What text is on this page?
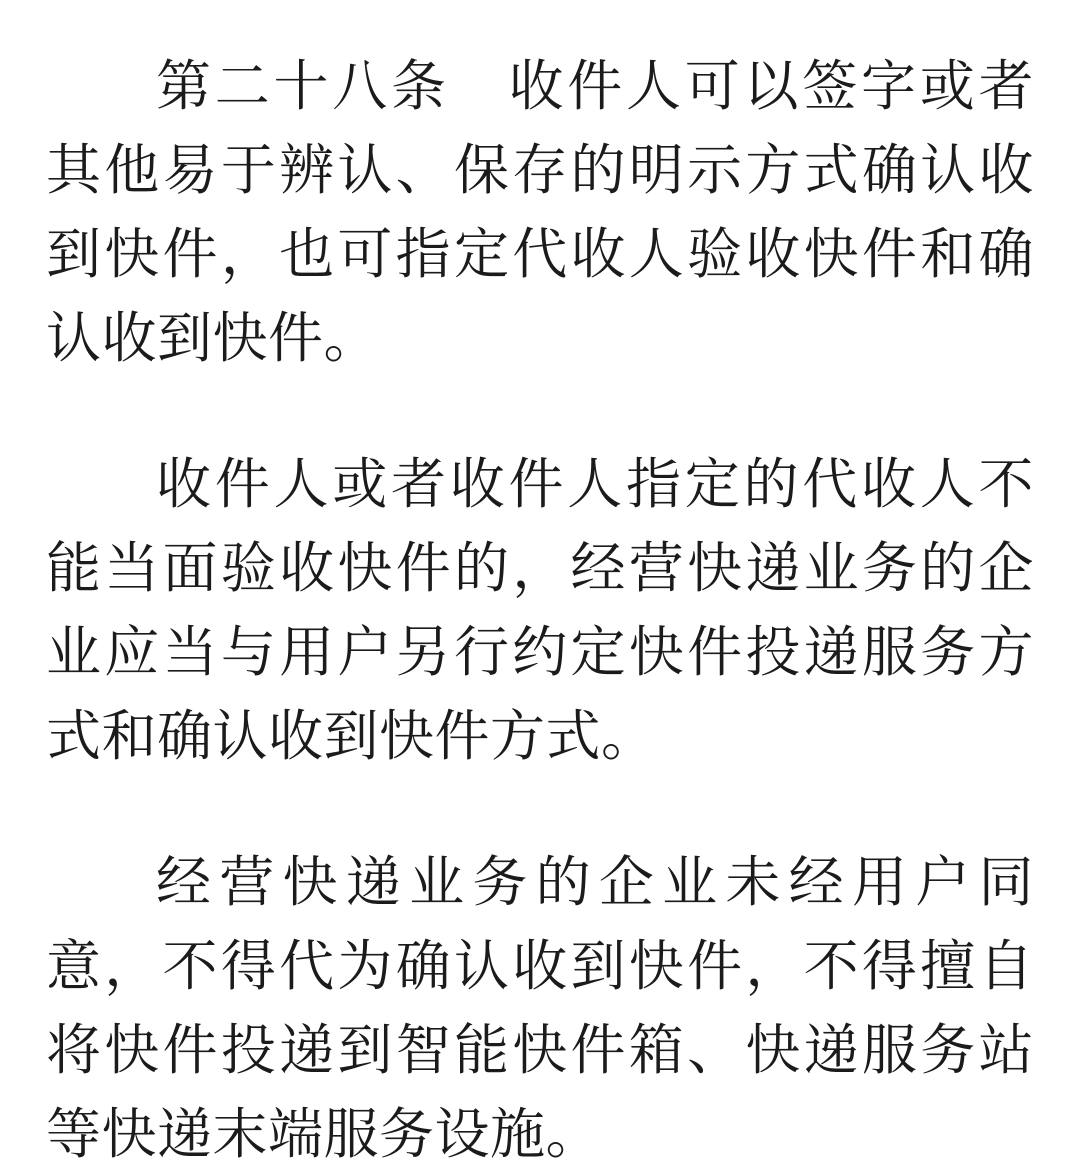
第二十八条　收件人可以签字或者其他易于辨认、保存的明示方式确认收到快件，也可指定代收人验收快件和确认收到快件。

收件人或者收件人指定的代收人不能当面验收快件的，经营快递业务的企业应当与用户另行约定快件投递服务方式和确认收到快件方式。

经营快递业务的企业未经用户同意，不得代为确认收到快件，不得擅自将快件投递到智能快件箱、快递服务站等快递末端服务设施。
